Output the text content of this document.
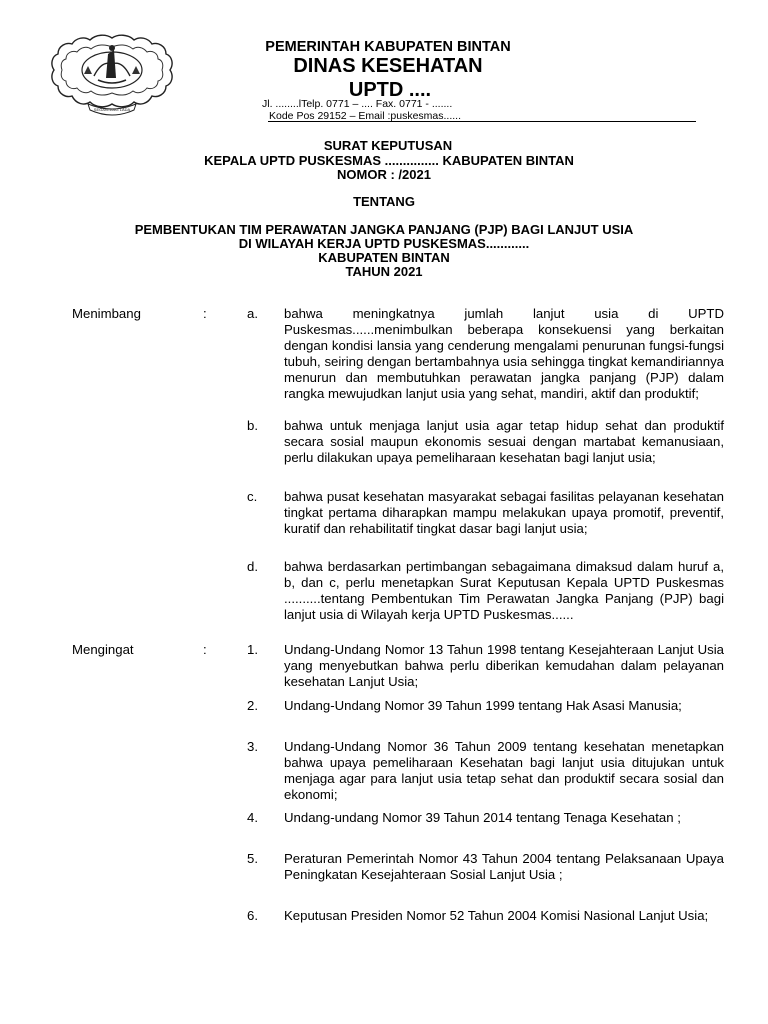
SEGANTANG LADA
PEMERINTAH KABUPATEN BINTAN
DINAS KESEHATAN
UPTD ....
Jl. ........lTelp. 0771 – .... Fax. 0771 - .......
Kode Pos 29152 – Email :puskesmas......
SURAT KEPUTUSAN
KEPALA UPTD PUSKESMAS ............... KABUPATEN BINTAN
NOMOR : /2021
TENTANG
PEMBENTUKAN TIM PERAWATAN JANGKA PANJANG (PJP) BAGI LANJUT USIA
DI WILAYAH KERJA UPTD PUSKESMAS............
KABUPATEN BINTAN
TAHUN 2021
Menimbang	:	a. bahwa meningkatnya jumlah lanjut usia di UPTD Puskesmas......menimbulkan beberapa konsekuensi yang berkaitan dengan kondisi lansia yang cenderung mengalami penurunan fungsi-fungsi tubuh, seiring dengan bertambahnya usia sehingga tingkat kemandiriannya menurun dan membutuhkan perawatan jangka panjang (PJP) dalam rangka mewujudkan lanjut usia yang sehat, mandiri, aktif dan produktif;
b. bahwa untuk menjaga lanjut usia agar tetap hidup sehat dan produktif secara sosial maupun ekonomis sesuai dengan martabat kemanusiaan, perlu dilakukan upaya pemeliharaan kesehatan bagi lanjut usia;
c. bahwa pusat kesehatan masyarakat sebagai fasilitas pelayanan kesehatan tingkat pertama diharapkan mampu melakukan upaya promotif, preventif, kuratif dan rehabilitatif tingkat dasar bagi lanjut usia;
d. bahwa berdasarkan pertimbangan sebagaimana dimaksud dalam huruf a, b, dan c, perlu menetapkan Surat Keputusan Kepala UPTD Puskesmas ..........tentang Pembentukan Tim Perawatan Jangka Panjang (PJP) bagi lanjut usia di Wilayah kerja UPTD Puskesmas......
Mengingat	:	1. Undang-Undang Nomor 13 Tahun 1998 tentang Kesejahteraan Lanjut Usia yang menyebutkan bahwa perlu diberikan kemudahan dalam pelayanan kesehatan Lanjut Usia;
2. Undang-Undang Nomor 39 Tahun 1999 tentang Hak Asasi Manusia;
3. Undang-Undang Nomor 36 Tahun 2009 tentang kesehatan menetapkan bahwa upaya pemeliharaan Kesehatan bagi lanjut usia ditujukan untuk menjaga agar para lanjut usia tetap sehat dan produktif secara sosial dan ekonomi;
4. Undang-undang Nomor 39 Tahun 2014 tentang Tenaga Kesehatan ;
5. Peraturan Pemerintah Nomor 43 Tahun 2004 tentang Pelaksanaan Upaya Peningkatan Kesejahteraan Sosial Lanjut Usia ;
6. Keputusan Presiden Nomor 52 Tahun 2004 Komisi Nasional Lanjut Usia;
